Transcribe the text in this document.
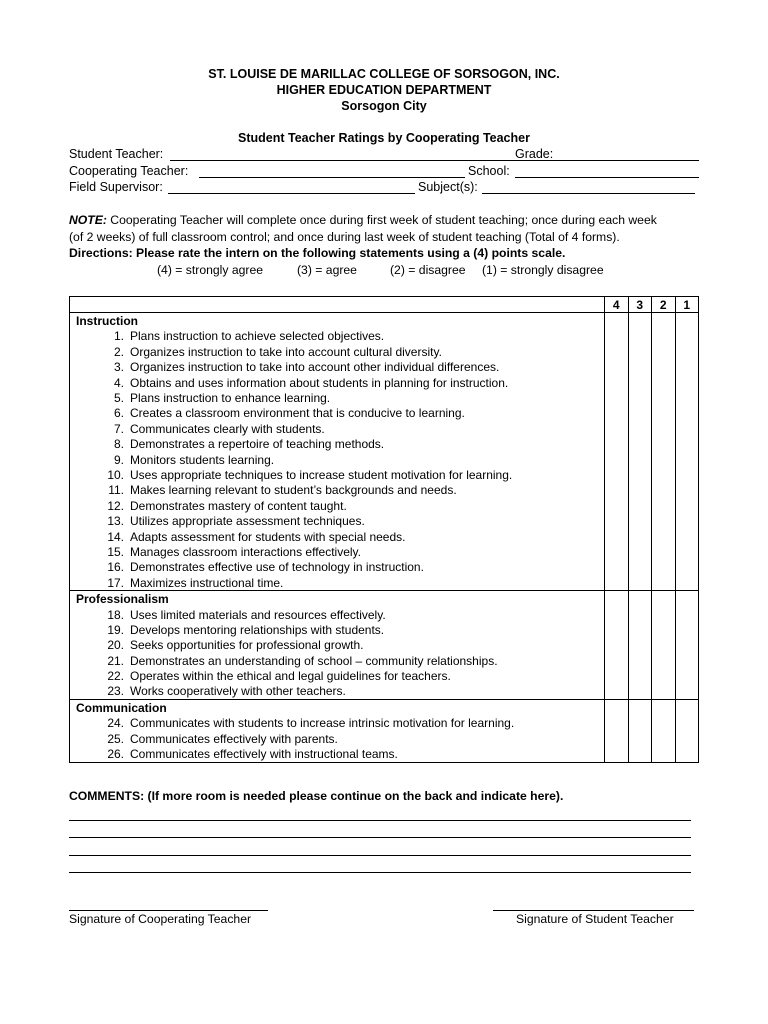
ST. LOUISE DE MARILLAC COLLEGE OF SORSOGON, INC.
HIGHER EDUCATION DEPARTMENT
Sorsogon City
Student Teacher Ratings by Cooperating Teacher
Student Teacher:	Grade:
Cooperating Teacher:	School:
Field Supervisor:	Subject(s):
NOTE: Cooperating Teacher will complete once during first week of student teaching; once during each week
(of 2 weeks) of full classroom control; and once during last week of student teaching (Total of 4 forms).
Directions: Please rate the intern on the following statements using a (4) points scale.
(4) = strongly agree	(3) = agree	(2) = disagree (1) = strongly disagree
	4	3	2	1
Instruction				
1. Plans instruction to achieve selected objectives.				
2. Organizes instruction to take into account cultural diversity.				
3. Organizes instruction to take into account other individual differences.				
4. Obtains and uses information about students in planning for instruction.				
5. Plans instruction to enhance learning.				
6. Creates a classroom environment that is conducive to learning.				
7. Communicates clearly with students.				
8. Demonstrates a repertoire of teaching methods.				
9. Monitors students learning.				
10. Uses appropriate techniques to increase student motivation for learning.				
11. Makes learning relevant to student’s backgrounds and needs.				
12. Demonstrates mastery of content taught.				
13. Utilizes appropriate assessment techniques.				
14. Adapts assessment for students with special needs.				
15. Manages classroom interactions effectively.				
16. Demonstrates effective use of technology in instruction.				
17. Maximizes instructional time.				
Professionalism				
18. Uses limited materials and resources effectively.				
19. Develops mentoring relationships with students.				
20. Seeks opportunities for professional growth.				
21. Demonstrates an understanding of school – community relationships.				
22. Operates within the ethical and legal guidelines for teachers.				
23. Works cooperatively with other teachers.				
Communication				
24. Communicates with students to increase intrinsic motivation for learning.				
25. Communicates effectively with parents.				
26. Communicates effectively with instructional teams.				
COMMENTS: (If more room is needed please continue on the back and indicate here).
Signature of Cooperating Teacher	Signature of Student Teacher
